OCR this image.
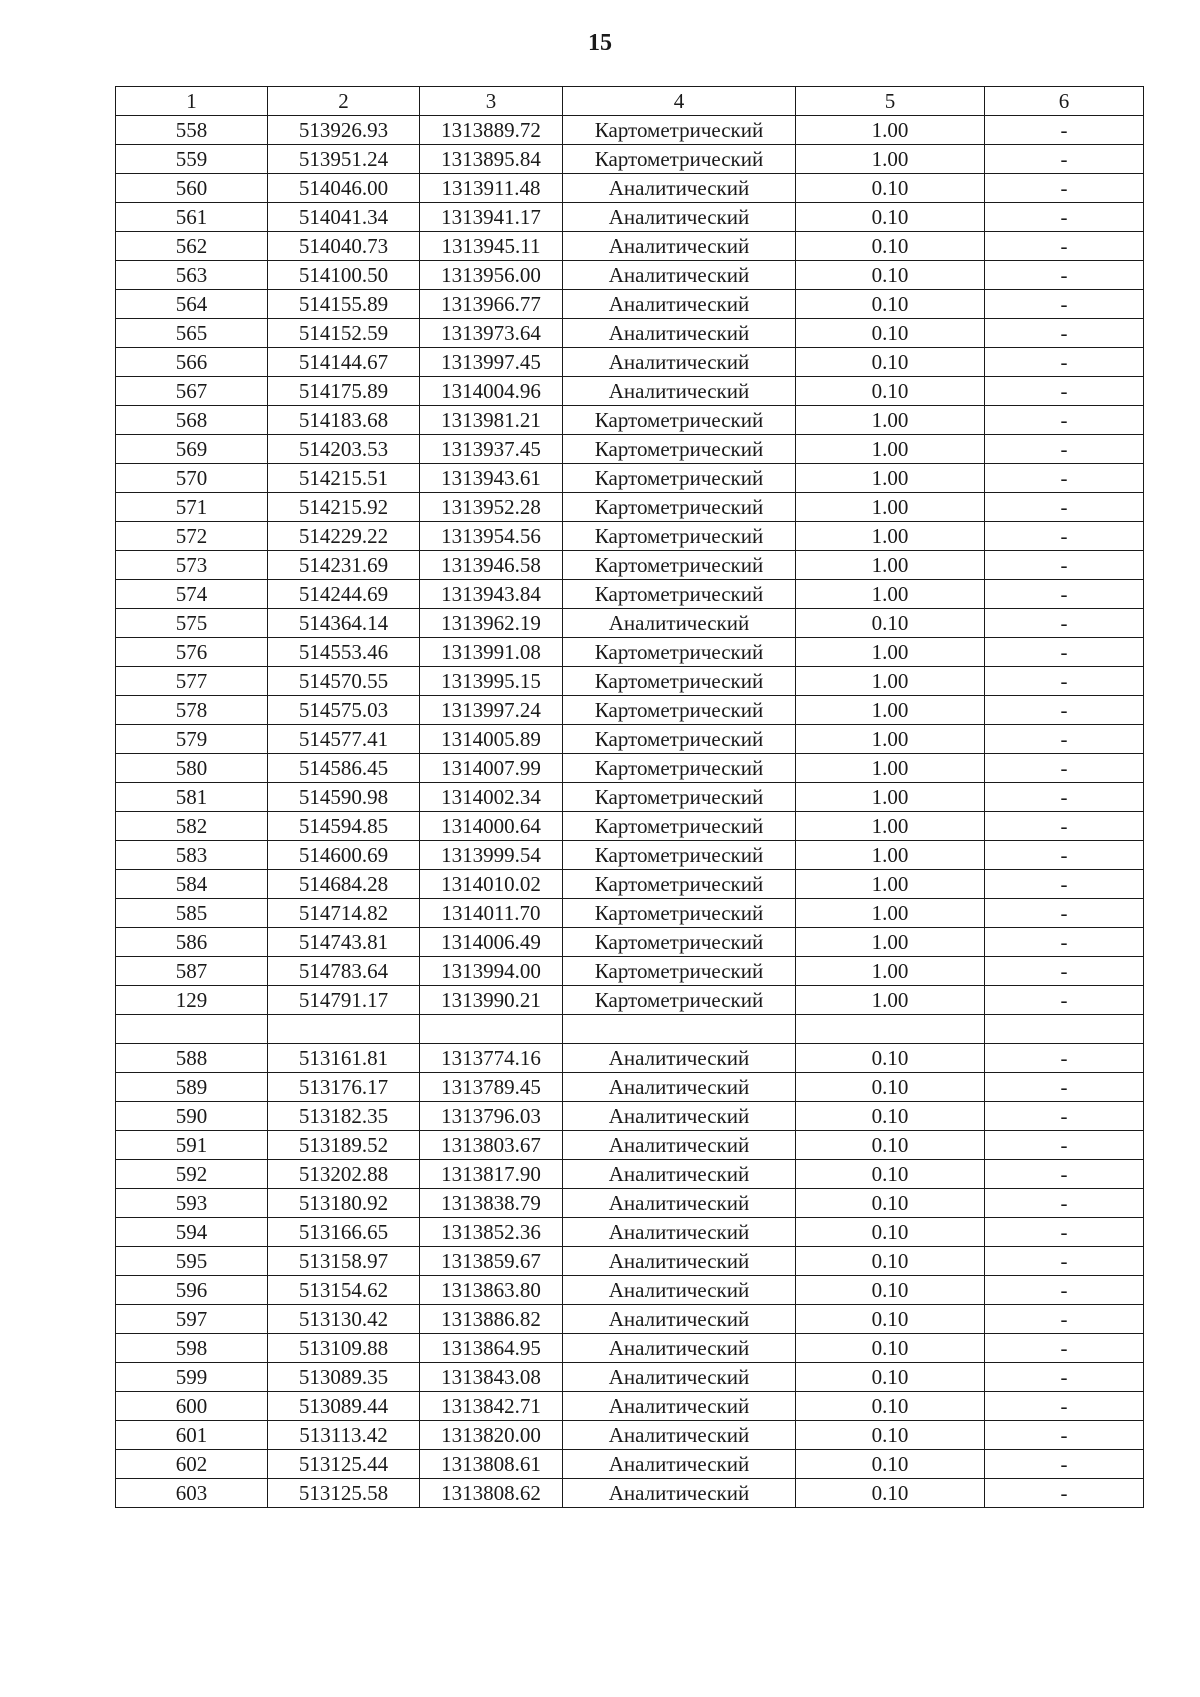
15
1	2	3	4	5	6
558	513926.93	1313889.72	Картометрический	1.00	-
559	513951.24	1313895.84	Картометрический	1.00	-
560	514046.00	1313911.48	Аналитический	0.10	-
561	514041.34	1313941.17	Аналитический	0.10	-
562	514040.73	1313945.11	Аналитический	0.10	-
563	514100.50	1313956.00	Аналитический	0.10	-
564	514155.89	1313966.77	Аналитический	0.10	-
565	514152.59	1313973.64	Аналитический	0.10	-
566	514144.67	1313997.45	Аналитический	0.10	-
567	514175.89	1314004.96	Аналитический	0.10	-
568	514183.68	1313981.21	Картометрический	1.00	-
569	514203.53	1313937.45	Картометрический	1.00	-
570	514215.51	1313943.61	Картометрический	1.00	-
571	514215.92	1313952.28	Картометрический	1.00	-
572	514229.22	1313954.56	Картометрический	1.00	-
573	514231.69	1313946.58	Картометрический	1.00	-
574	514244.69	1313943.84	Картометрический	1.00	-
575	514364.14	1313962.19	Аналитический	0.10	-
576	514553.46	1313991.08	Картометрический	1.00	-
577	514570.55	1313995.15	Картометрический	1.00	-
578	514575.03	1313997.24	Картометрический	1.00	-
579	514577.41	1314005.89	Картометрический	1.00	-
580	514586.45	1314007.99	Картометрический	1.00	-
581	514590.98	1314002.34	Картометрический	1.00	-
582	514594.85	1314000.64	Картометрический	1.00	-
583	514600.69	1313999.54	Картометрический	1.00	-
584	514684.28	1314010.02	Картометрический	1.00	-
585	514714.82	1314011.70	Картометрический	1.00	-
586	514743.81	1314006.49	Картометрический	1.00	-
587	514783.64	1313994.00	Картометрический	1.00	-
129	514791.17	1313990.21	Картометрический	1.00	-

588	513161.81	1313774.16	Аналитический	0.10	-
589	513176.17	1313789.45	Аналитический	0.10	-
590	513182.35	1313796.03	Аналитический	0.10	-
591	513189.52	1313803.67	Аналитический	0.10	-
592	513202.88	1313817.90	Аналитический	0.10	-
593	513180.92	1313838.79	Аналитический	0.10	-
594	513166.65	1313852.36	Аналитический	0.10	-
595	513158.97	1313859.67	Аналитический	0.10	-
596	513154.62	1313863.80	Аналитический	0.10	-
597	513130.42	1313886.82	Аналитический	0.10	-
598	513109.88	1313864.95	Аналитический	0.10	-
599	513089.35	1313843.08	Аналитический	0.10	-
600	513089.44	1313842.71	Аналитический	0.10	-
601	513113.42	1313820.00	Аналитический	0.10	-
602	513125.44	1313808.61	Аналитический	0.10	-
603	513125.58	1313808.62	Аналитический	0.10	-
